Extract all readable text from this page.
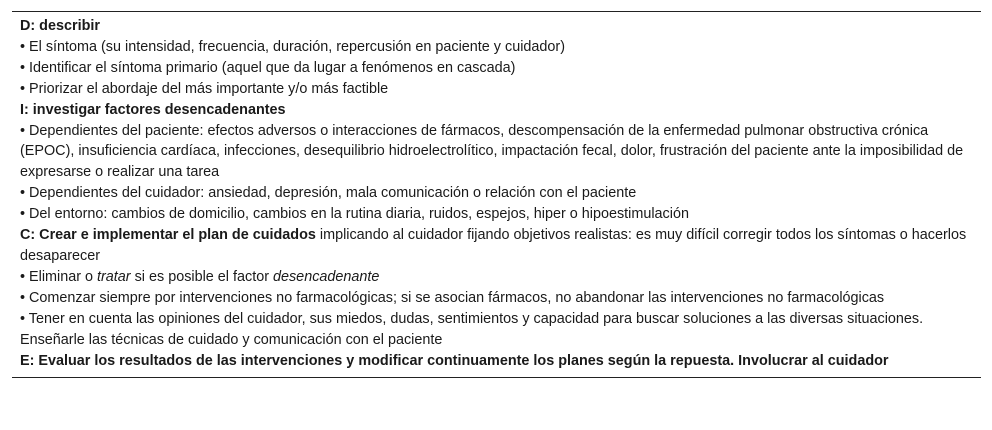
D: describir

• El síntoma (su intensidad, frecuencia, duración, repercusión en paciente y cuidador)

• Identificar el síntoma primario (aquel que da lugar a fenómenos en cascada)

• Priorizar el abordaje del más importante y/o más factible

I: investigar factores desencadenantes

• Dependientes del paciente: efectos adversos o interacciones de fármacos, descompensación de la enfermedad pulmonar obstructiva crónica (EPOC), insuficiencia cardíaca, infecciones, desequilibrio hidroelectrolítico, impactación fecal, dolor, frustración del paciente ante la imposibilidad de expresarse o realizar una tarea

• Dependientes del cuidador: ansiedad, depresión, mala comunicación o relación con el paciente

• Del entorno: cambios de domicilio, cambios en la rutina diaria, ruidos, espejos, hiper o hipoestimulación

C: Crear e implementar el plan de cuidados implicando al cuidador fijando objetivos realistas: es muy difícil corregir todos los síntomas o hacerlos desaparecer

• Eliminar o tratar si es posible el factor desencadenante

• Comenzar siempre por intervenciones no farmacológicas; si se asocian fármacos, no abandonar las intervenciones no farmacológicas

• Tener en cuenta las opiniones del cuidador, sus miedos, dudas, sentimientos y capacidad para buscar soluciones a las diversas situaciones. Enseñarle las técnicas de cuidado y comunicación con el paciente

E: Evaluar los resultados de las intervenciones y modificar continuamente los planes según la repuesta. Involucrar al cuidador
